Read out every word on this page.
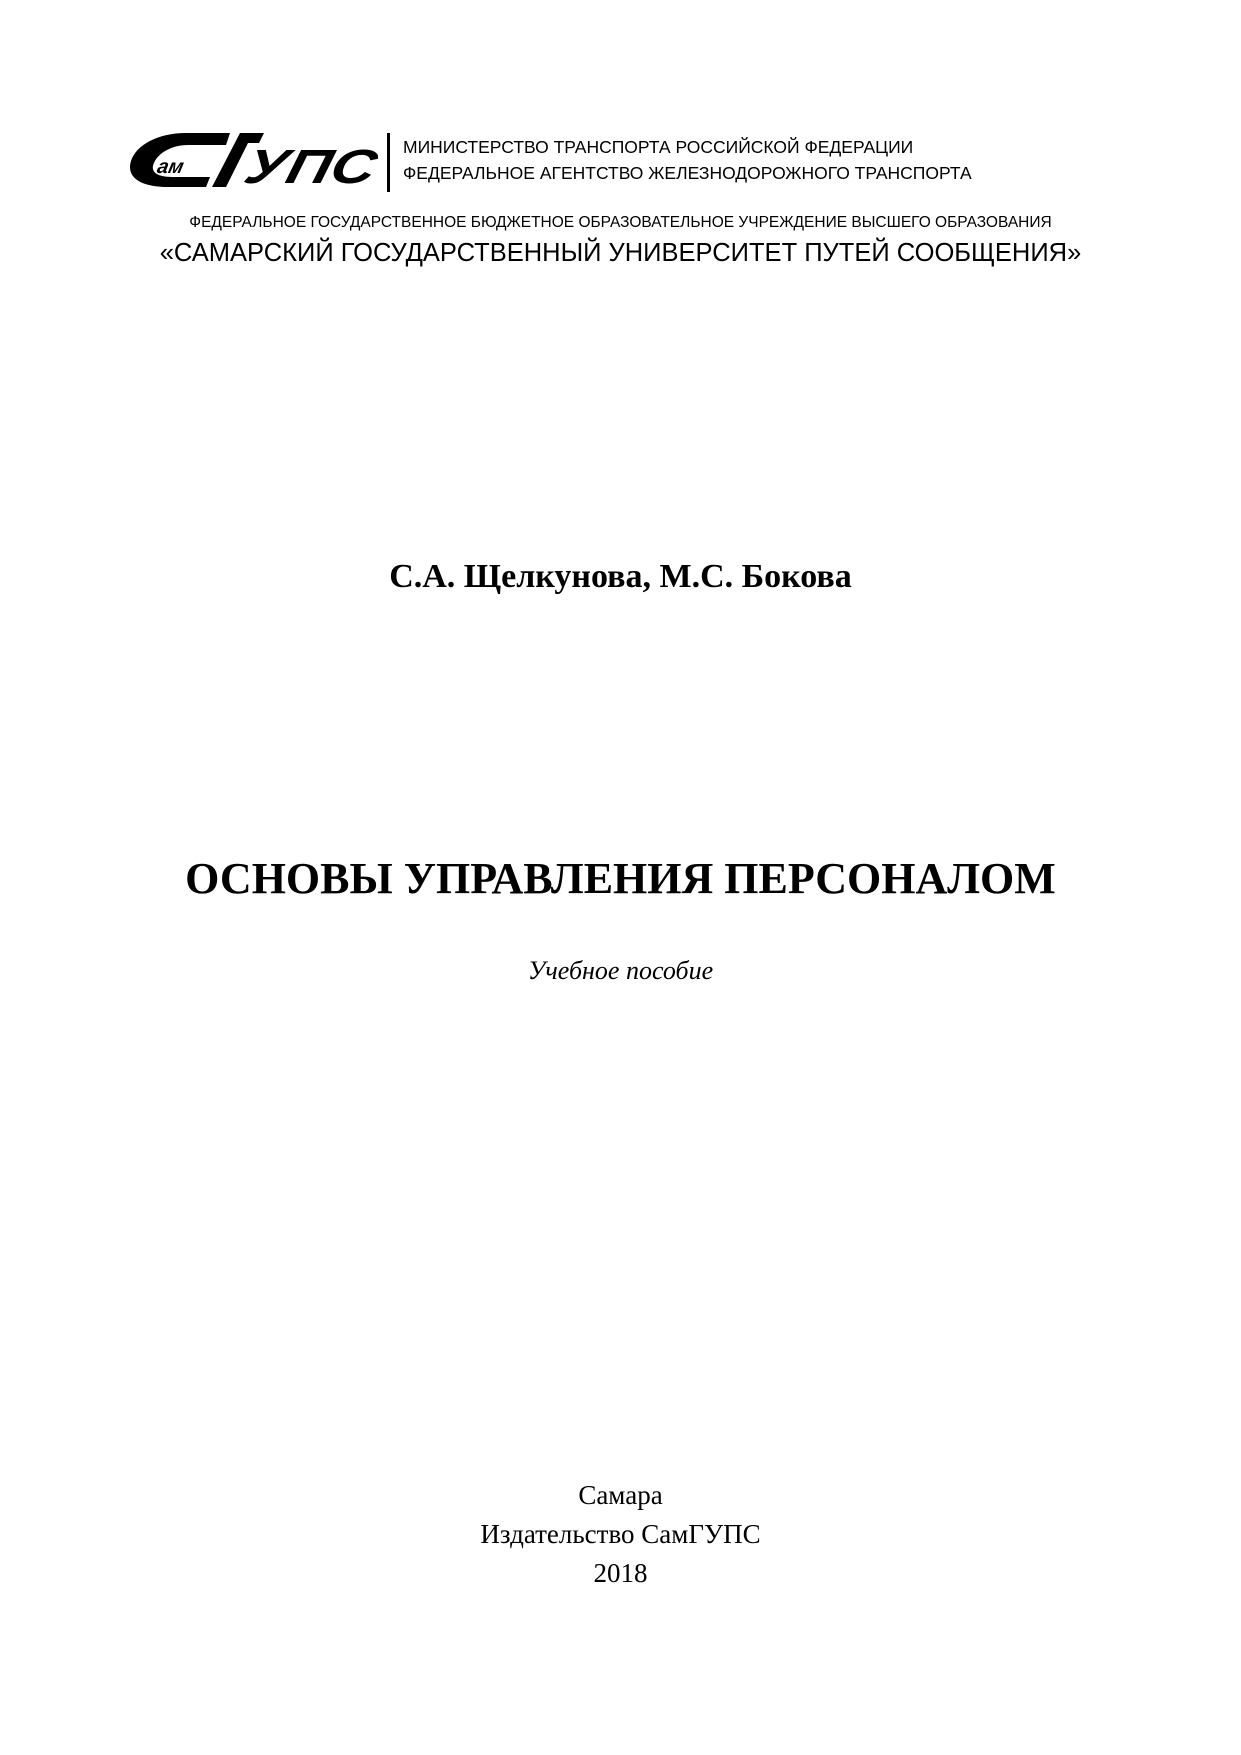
ам УПС	МИНИСТЕРСТВО ТРАНСПОРТА РОССИЙСКОЙ ФЕДЕРАЦИИ
ФЕДЕРАЛЬНОЕ АГЕНТСТВО ЖЕЛЕЗНОДОРОЖНОГО ТРАНСПОРТА
ФЕДЕРАЛЬНОЕ ГОСУДАРСТВЕННОЕ БЮДЖЕТНОЕ ОБРАЗОВАТЕЛЬНОЕ УЧРЕЖДЕНИЕ ВЫСШЕГО ОБРАЗОВАНИЯ
«САМАРСКИЙ ГОСУДАРСТВЕННЫЙ УНИВЕРСИТЕТ ПУТЕЙ СООБЩЕНИЯ»
С.А. Щелкунова, М.С. Бокова
ОСНОВЫ УПРАВЛЕНИЯ ПЕРСОНАЛОМ
Учебное пособие
Самара
Издательство СамГУПС
2018
